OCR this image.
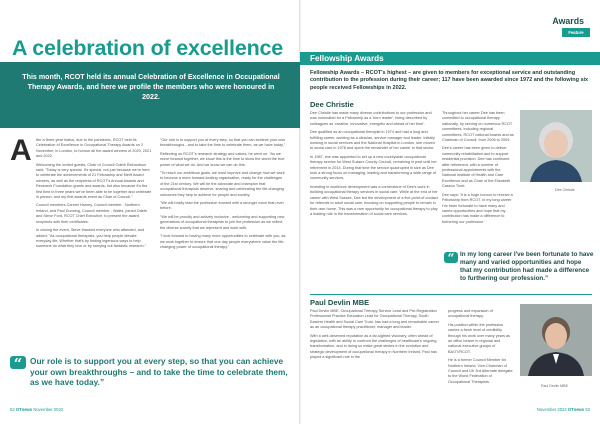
A celebration of excellence

This month, RCOT held its annual Celebration of Excellence in Occupational Therapy Awards, and here we profile the members who were honoured in 2022.

A fter a three-year hiatus, due to the pandemic, RCOT held its Celebration of Excellence in Occupational Therapy Awards on 2 November, in London, to honour all the award winners of 2020, 2021 and 2022.

Welcoming the invited guests, Chair of Council Odeth Richardson said: "Today is very special. It's special, not just because we're here to celebrate the achievements of 21 Fellowship and Merit Award winners, as well as the recipients of RCOT's Annual Awards and Research Foundation grants and awards, but also because it's the first time in three years we've been able to be together and celebrate in person, and my first awards event as Chair of Council."

Council members Carmel Harney, Council member - Northern Ireland, and Paul Dunning, Council member - Wales, joined Odeth and Steve Ford, RCOT Chief Executive, to present the award recipients with their certificates.

In closing the event, Steve thanked everyone who attended, and added: "As occupational therapists, you help people elevate everyday life. Whether that's by finding ingenious ways to help someone do what they love or by carrying out fantastic research."

"Our role is to support you at every step, so that you can achieve your own breakthroughs - and to take the time to celebrate them, as we have today."

Reflecting on RCOT's research strategy and values, he went on: "As we move forward together, we know this is the time to show the world the true power of what we do. And we know we can do this.

"To reach our ambitious goals, we must improve and change how we work to become a more forward-looking organisation, ready for the challenges of the 21st century. We will be the advocate and champion that occupational therapists deserve, sharing and celebrating the life-changing outcomes they help to achieve for people and society.

"We will boldly lead the profession forward with a stronger voice than ever before.

"We will be proudly and actively inclusive - welcoming and supporting new generations of occupational therapists to join the profession as we reflect the diverse society that we represent and work with.

"I look forward to having many more opportunities to celebrate with you, as we work together to ensure that one day people everywhere value the life-changing power of occupational therapy."

“ Our role is to support you at every step, so that you can achieve your own breakthroughs – and to take the time to celebrate them, as we have today.”

52 OTnews November 2022
Awards
Feature
Fellowship Awards

Fellowship Awards – RCOT's highest – are given to members for exceptional service and outstanding contribution to the profession during their career; 117 have been awarded since 1972 and the following six people received Fellowships in 2022.

Dee Christie

Dee Christie has made many diverse contributions to our profession and was nominated for a Fellowship as a 'born leader', being described by colleagues as 'creative, innovative, energetic and ahead of her time'.

Dee qualified as an occupational therapist in 1974 and had a long and fulfilling career, working as a clinician, service manager and leader. Initially working in social services and the National Hospital in London, she moved to social care in 1978 and spent the remainder of her career in that sector.

In 1987, she was appointed to set up a new countywide occupational therapy service for West Sussex County Council, remaining in post until her retirement in 2014. During that time the service quadrupled in size as Dee took a strong focus on managing, leading and transforming a wide range of community services.

Investing in workforce development was a cornerstone of Dee's work in building occupational therapy services in social care. While at the end of her career with West Sussex, Dee led the development of a five-point-of-contact for referrals to adult social care, focusing on supporting people to remain in their own home. This was a rare opportunity for occupational therapy to play a leading role in the transformation of social care services.

Throughout her career Dee has been committed to occupational therapy nationally, by serving on numerous RCOT committees, including regional committees, RCOT national boards and as Chairman of Council, from 2006 to 2009.

Dee's career has been given to deliver community rehabilitation and to support residential provision. Dee has continued after retirement, with a number of professional appointments with the National Institute of Health and Care Excellence and as Chair of the Elizabeth Casson Trust.

Dee says: 'It is a huge honour to receive a Fellowship from RCOT. In my long career I've been fortunate to have many and varied opportunities and hope that my contribution has made a difference to furthering our profession.'

Dee Christie
“ In my long career I've been fortunate to have many and varied opportunities and hope that my contribution had made a difference to furthering our profession.”

Paul Devlin MBE

Paul Devlin MBE, Occupational Therapy Service Lead and Pre-Registration Professional Practice Education Lead for Occupational Therapy, South Eastern Health and Social Care Trust, has had a long and remarkable career as an occupational therapy practitioner, manager and leader.

With a well-deserved reputation as a far-sighted visionary, often ahead of legislation, with an ability to confront the challenges of healthcare's ongoing transformation, and in doing so make great strides in the evolution and strategic development of occupational therapy in Northern Ireland, Paul has played a significant role in the

progress and expansion of occupational therapy.

His position within the profession carries a fresh level of credibility through his work over many years as an office bearer in regional and national executive groups of BAOT/RCOT.

He is a former Council Member for Northern Ireland, Vice-Chairman of Council and UK 3rd Alternate delegate to the World Federation of Occupational Therapists.

Paul Devlin MBE
November 2022 OTnews 53
